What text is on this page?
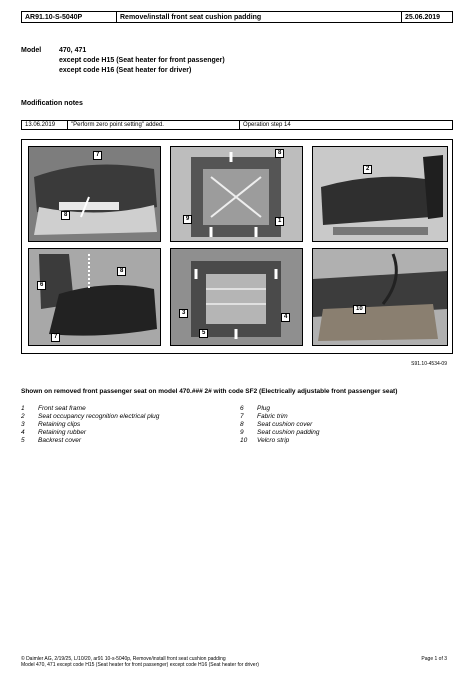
AR91.10-S-5040P	Remove/install front seat cushion padding	25.06.2019
Model	470, 471
except code H15 (Seat heater for front passenger)
except code H16 (Seat heater for driver)
Modification notes
13.06.2019	"Perform zero point setting" added.	Operation step 14
7
8
8
9	1
2
6
8
7
3
4
5
10
S91.10-4534-09
Shown on removed front passenger seat on model 470.### 2# with code SF2 (Electrically adjustable front passenger seat)
1 Front seat frame
2 Seat occupancy recognition electrical plug
3 Retaining clips
4 Retaining rubber
5 Backrest cover
6 Plug
7 Fabric trim
8 Seat cushion cover
9 Seat cushion padding
10 Velcro strip
© Daimler AG, 2/19/25, L/10/20, ar91 10-s-5040p, Remove/install front seat cushion padding
Model 470, 471 except code H15 (Seat heater for front passenger) except code H16 (Seat heater for driver)
Page 1 of 3
